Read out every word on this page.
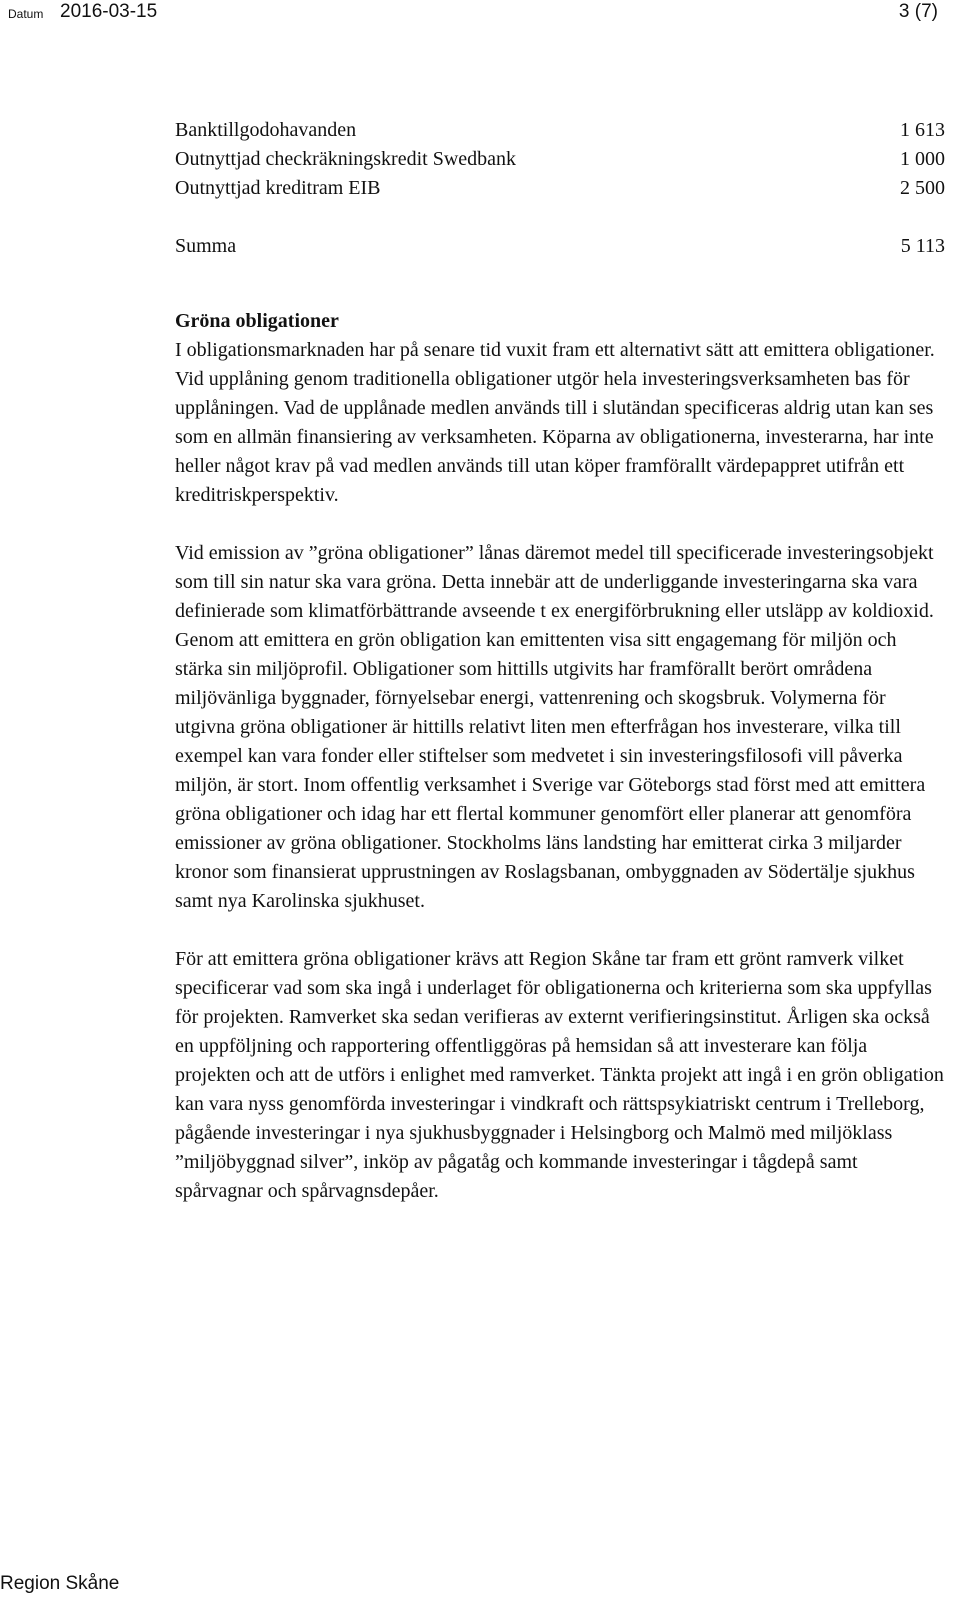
Datum 2016-03-15	3 (7)
Banktillgodohavanden	1 613
Outnyttjad checkräkningskredit Swedbank	1 000
Outnyttjad kreditram EIB	2 500
Summa	5 113
Gröna obligationer

I obligationsmarknaden har på senare tid vuxit fram ett alternativt sätt att emittera obligationer. Vid upplåning genom traditionella obligationer utgör hela investeringsverksamheten bas för upplåningen. Vad de upplånade medlen används till i slutändan specificeras aldrig utan kan ses som en allmän finansiering av verksamheten. Köparna av obligationerna, investerarna, har inte heller något krav på vad medlen används till utan köper framförallt värdepappret utifrån ett kreditriskperspektiv.

Vid emission av ”gröna obligationer” lånas däremot medel till specificerade investeringsobjekt som till sin natur ska vara gröna. Detta innebär att de underliggande investeringarna ska vara definierade som klimatförbättrande avseende t ex energiförbrukning eller utsläpp av koldioxid. Genom att emittera en grön obligation kan emittenten visa sitt engagemang för miljön och stärka sin miljöprofil. Obligationer som hittills utgivits har framförallt berört områdena miljövänliga byggnader, förnyelsebar energi, vattenrening och skogsbruk. Volymerna för utgivna gröna obligationer är hittills relativt liten men efterfrågan hos investerare, vilka till exempel kan vara fonder eller stiftelser som medvetet i sin investeringsfilosofi vill påverka miljön, är stort. Inom offentlig verksamhet i Sverige var Göteborgs stad först med att emittera gröna obligationer och idag har ett flertal kommuner genomfört eller planerar att genomföra emissioner av gröna obligationer. Stockholms läns landsting har emitterat cirka 3 miljarder kronor som finansierat upprustningen av Roslagsbanan, ombyggnaden av Södertälje sjukhus samt nya Karolinska sjukhuset.

För att emittera gröna obligationer krävs att Region Skåne tar fram ett grönt ramverk vilket specificerar vad som ska ingå i underlaget för obligationerna och kriterierna som ska uppfyllas för projekten. Ramverket ska sedan verifieras av externt verifieringsinstitut. Årligen ska också en uppföljning och rapportering offentliggöras på hemsidan så att investerare kan följa projekten och att de utförs i enlighet med ramverket. Tänkta projekt att ingå i en grön obligation kan vara nyss genomförda investeringar i vindkraft och rättspsykiatriskt centrum i Trelleborg, pågående investeringar i nya sjukhusbyggnader i Helsingborg och Malmö med miljöklass ”miljöbyggnad silver”, inköp av pågatåg och kommande investeringar i tågdepå samt spårvagnar och spårvagnsdepåer.

Region Skåne
